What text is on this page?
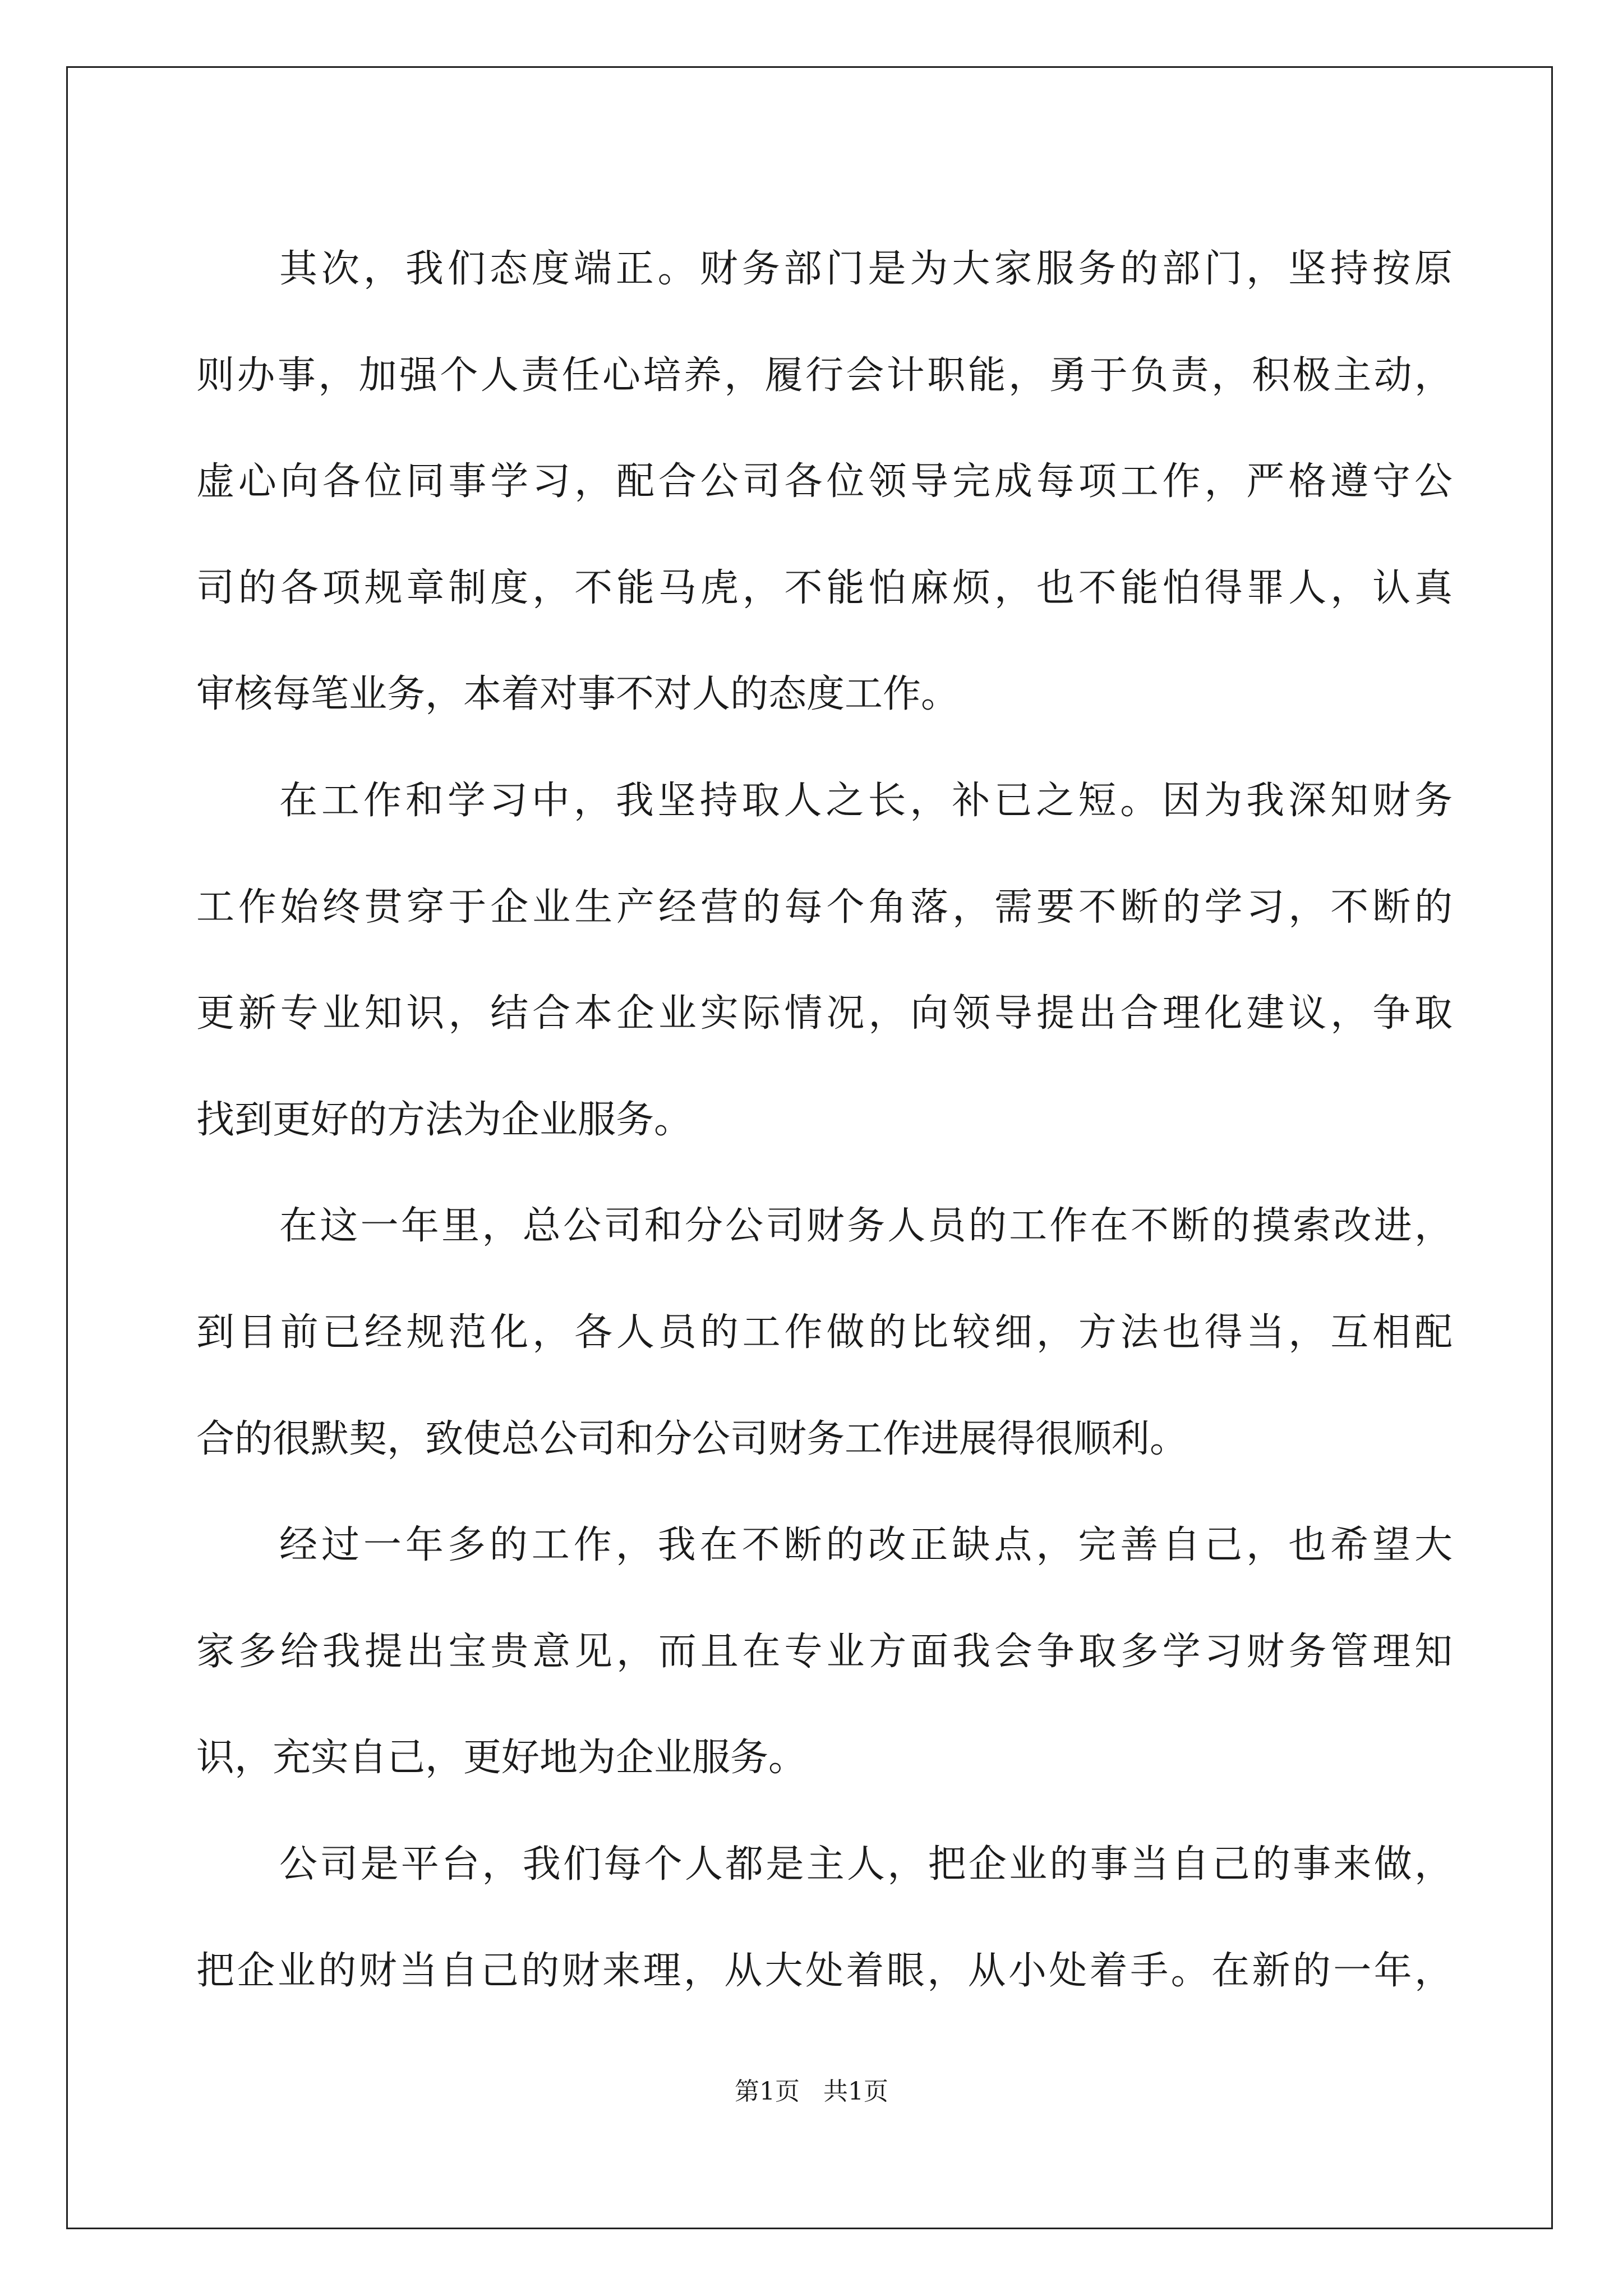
其次，我们态度端正。财务部门是为大家服务的部门，坚持按原
则办事，加强个人责任心培养，履行会计职能，勇于负责，积极主动，
虚心向各位同事学习，配合公司各位领导完成每项工作，严格遵守公
司的各项规章制度，不能马虎，不能怕麻烦，也不能怕得罪人，认真
审核每笔业务，本着对事不对人的态度工作。
在工作和学习中，我坚持取人之长，补已之短。因为我深知财务
工作始终贯穿于企业生产经营的每个角落，需要不断的学习，不断的
更新专业知识，结合本企业实际情况，向领导提出合理化建议，争取
找到更好的方法为企业服务。
在这一年里，总公司和分公司财务人员的工作在不断的摸索改进，
到目前已经规范化，各人员的工作做的比较细，方法也得当，互相配
合的很默契，致使总公司和分公司财务工作进展得很顺利。
经过一年多的工作，我在不断的改正缺点，完善自己，也希望大
家多给我提出宝贵意见，而且在专业方面我会争取多学习财务管理知
识，充实自己，更好地为企业服务。
公司是平台，我们每个人都是主人，把企业的事当自己的事来做，
把企业的财当自己的财来理，从大处着眼，从小处着手。在新的一年，
第1页   共1页
